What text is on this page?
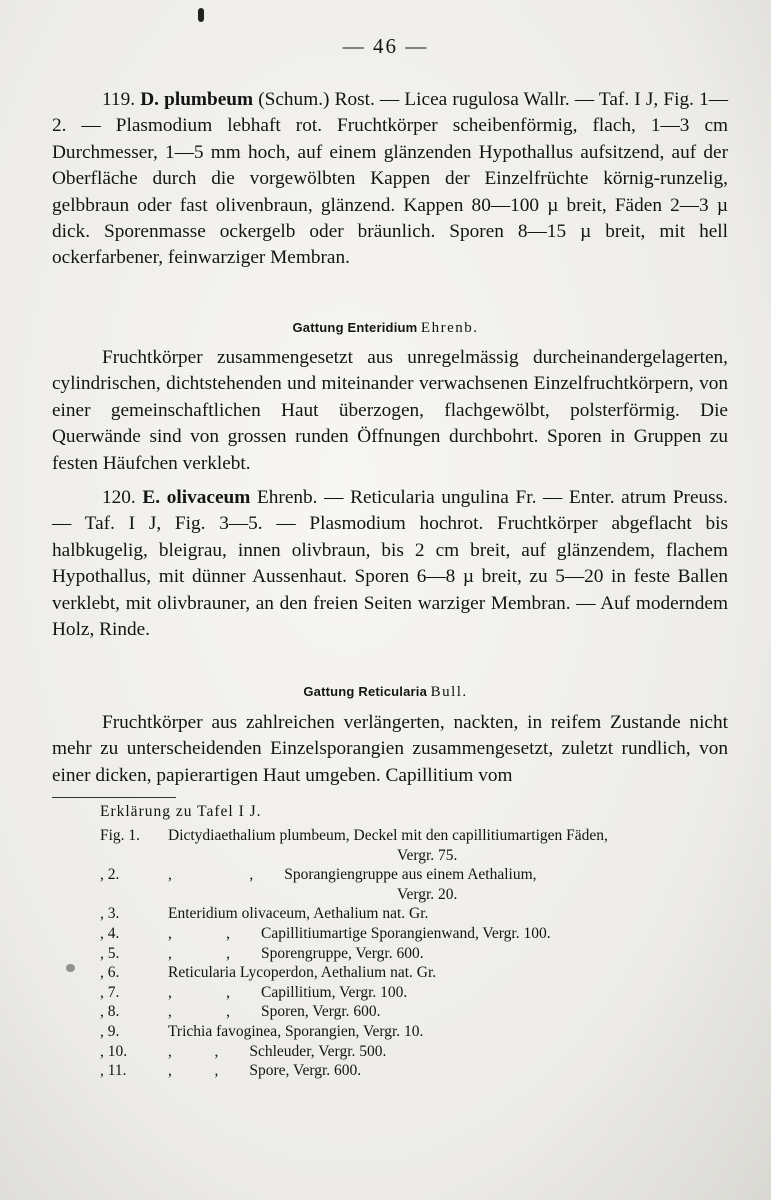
— 46 —

119. D. plumbeum (Schum.) Rost. — Licea rugulosa Wallr. — Taf. I J, Fig. 1—2. — Plasmodium lebhaft rot. Fruchtkörper scheibenförmig, flach, 1—3 cm Durchmesser, 1—5 mm hoch, auf einem glänzenden Hypothallus aufsitzend, auf der Oberfläche durch die vorgewölbten Kappen der Einzelfrüchte körnig-runzelig, gelbbraun oder fast olivenbraun, glänzend. Kappen 80—100 µ breit, Fäden 2—3 µ dick. Sporenmasse ockergelb oder bräunlich. Sporen 8—15 µ breit, mit hell ockerfarbener, feinwarziger Membran.

Gattung Enteridium Ehrenb.

Fruchtkörper zusammengesetzt aus unregelmässig durcheinandergelagerten, cylindrischen, dichtstehenden und miteinander verwachsenen Einzelfruchtkörpern, von einer gemeinschaftlichen Haut überzogen, flachgewölbt, polsterförmig. Die Querwände sind von grossen runden Öffnungen durchbohrt. Sporen in Gruppen zu festen Häufchen verklebt.

120. E. olivaceum Ehrenb. — Reticularia ungulina Fr. — Enter. atrum Preuss. — Taf. I J, Fig. 3—5. — Plasmodium hochrot. Fruchtkörper abgeflacht bis halbkugelig, bleigrau, innen olivbraun, bis 2 cm breit, auf glänzendem, flachem Hypothallus, mit dünner Aussenhaut. Sporen 6—8 µ breit, zu 5—20 in feste Ballen verklebt, mit olivbrauner, an den freien Seiten warziger Membran. — Auf moderndem Holz, Rinde.

Gattung Reticularia Bull.

Fruchtkörper aus zahlreichen verlängerten, nackten, in reifem Zustande nicht mehr zu unterscheidenden Einzelsporangien zusammengesetzt, zuletzt rundlich, von einer dicken, papierartigen Haut umgeben. Capillitium vom

Erklärung zu Tafel I J.
Fig. 1.	Dictydiaethalium plumbeum, Deckel mit den capillitiumartigen Fäden,
Vergr. 75.
, 2.	,                    ,        Sporangiengruppe aus einem Aethalium,
Vergr. 20.
, 3.	Enteridium olivaceum, Aethalium nat. Gr.
, 4.	,              ,        Capillitiumartige Sporangienwand, Vergr. 100.
, 5.	,              ,        Sporengruppe, Vergr. 600.
, 6.	Reticularia Lycoperdon, Aethalium nat. Gr.
, 7.	,              ,        Capillitium, Vergr. 100.
, 8.	,              ,        Sporen, Vergr. 600.
, 9.	Trichia favoginea, Sporangien, Vergr. 10.
, 10.	,           ,        Schleuder, Vergr. 500.
, 11.	,           ,        Spore, Vergr. 600.
